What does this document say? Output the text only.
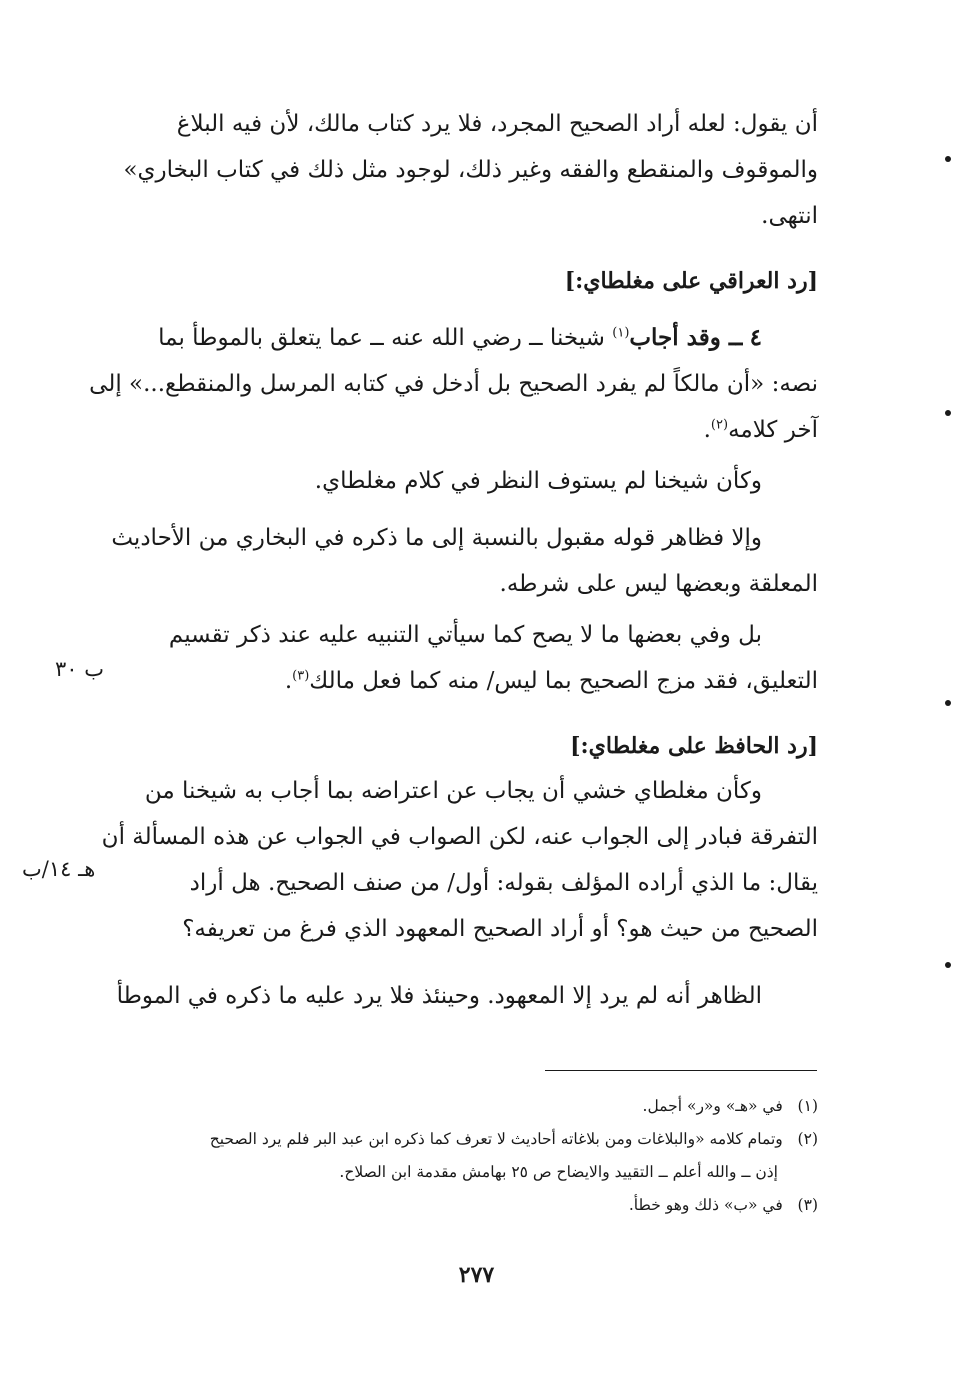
أن يقول: لعله أراد الصحيح المجرد، فلا يرد كتاب مالك، لأن فيه البلاغ
والموقوف والمنقطع والفقه وغير ذلك، لوجود مثل ذلك في كتاب البخاري»
انتهى.
[رد العراقي على مغلطاي:]
٤ ــ وقد أجاب$^{(١)}$ شيخنا ــ رضي الله عنه ــ عما يتعلق بالموطأ بما
نصه: «أن مالكاً لم يفرد الصحيح بل أدخل في كتابه المرسل والمنقطع...» إلى
آخر كلامه$^{(٢)}$.
وكأن شيخنا لم يستوف النظر في كلام مغلطاي.
وإلا فظاهر قوله مقبول بالنسبة إلى ما ذكره في البخاري من الأحاديث
المعلقة وبعضها ليس على شرطه.
بل وفي بعضها ما لا يصح كما سيأتي التنبيه عليه عند ذكر تقسيم
التعليق، فقد مزج الصحيح بما ليس/ منه كما فعل مالك$^{(٣)}$.
ب ٣٠
[رد الحافظ على مغلطاي:]
وكأن مغلطاي خشي أن يجاب عن اعتراضه بما أجاب به شيخنا من
التفرقة فبادر إلى الجواب عنه، لكن الصواب في الجواب عن هذه المسألة أن
يقال: ما الذي أراده المؤلف بقوله: أول/ من صنف الصحيح. هل أراد
الصحيح من حيث هو؟ أو أراد الصحيح المعهود الذي فرغ من تعريفه؟
هـ ١٤/ب
الظاهر أنه لم يرد إلا المعهود. وحينئذ فلا يرد عليه ما ذكره في الموطأ
(١)   في «هـ» و«ر» أجمل.
(٢)   وتمام كلامه «والبلاغات ومن بلاغاته أحاديث لا تعرف كما ذكره ابن عبد البر فلم يرد الصحيح
إذن ــ والله أعلم ــ التقييد والايضاح ص ٢٥ بهامش مقدمة ابن الصلاح.
(٣)   في «ب» ذلك وهو خطأ.
٢٧٧
